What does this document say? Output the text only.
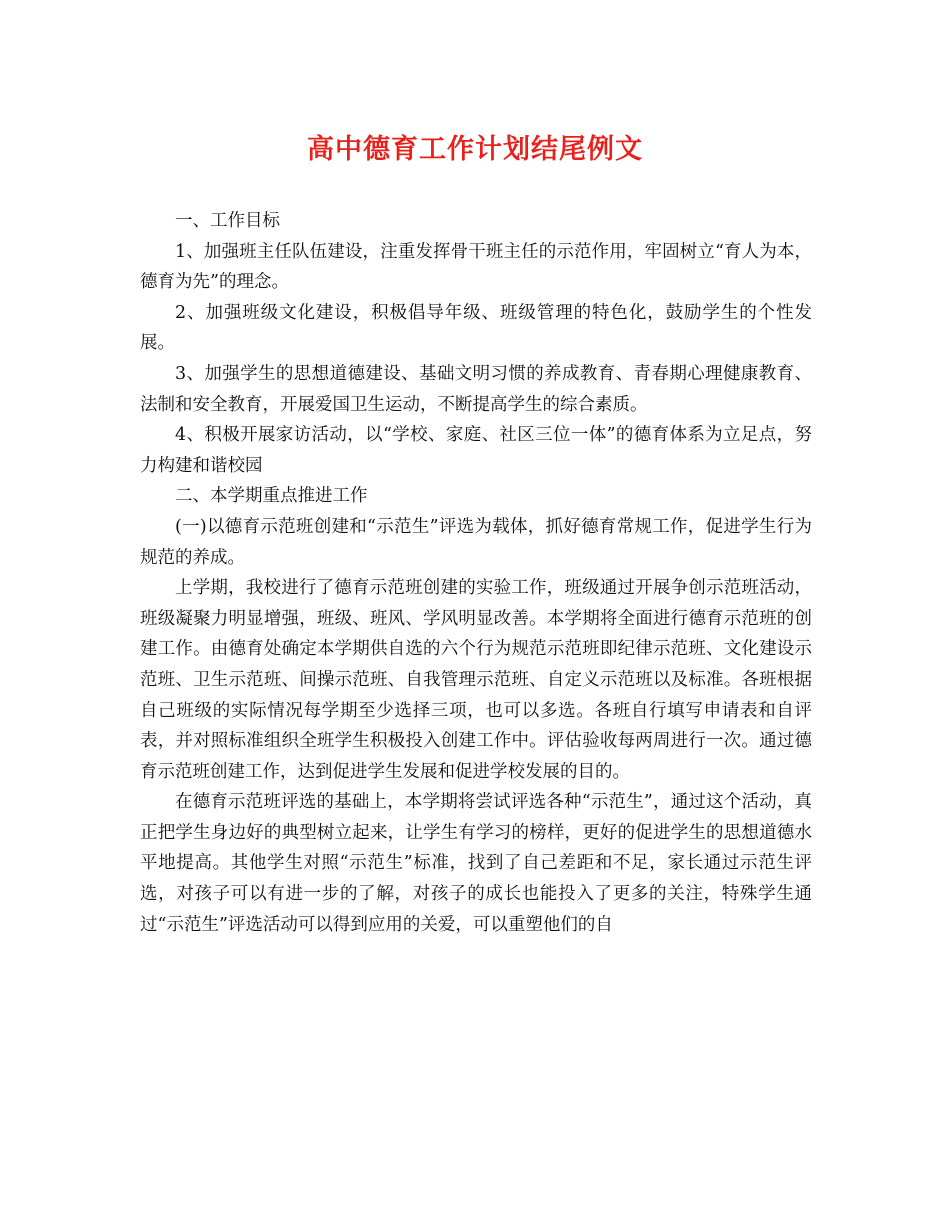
高中德育工作计划结尾例文

一、工作目标

1、加强班主任队伍建设，注重发挥骨干班主任的示范作用，牢固树立“育人为本，德育为先”的理念。

2、加强班级文化建设，积极倡导年级、班级管理的特色化，鼓励学生的个性发展。

3、加强学生的思想道德建设、基础文明习惯的养成教育、青春期心理健康教育、法制和安全教育，开展爱国卫生运动，不断提高学生的综合素质。

4、积极开展家访活动，以“学校、家庭、社区三位一体”的德育体系为立足点，努力构建和谐校园

二、本学期重点推进工作

(一)以德育示范班创建和“示范生”评选为载体，抓好德育常规工作，促进学生行为规范的养成。

上学期，我校进行了德育示范班创建的实验工作，班级通过开展争创示范班活动，班级凝聚力明显增强，班级、班风、学风明显改善。本学期将全面进行德育示范班的创建工作。由德育处确定本学期供自选的六个行为规范示范班即纪律示范班、文化建设示范班、卫生示范班、间操示范班、自我管理示范班、自定义示范班以及标准。各班根据自己班级的实际情况每学期至少选择三项，也可以多选。各班自行填写申请表和自评表，并对照标准组织全班学生积极投入创建工作中。评估验收每两周进行一次。通过德育示范班创建工作，达到促进学生发展和促进学校发展的目的。

在德育示范班评选的基础上，本学期将尝试评选各种“示范生”，通过这个活动，真正把学生身边好的典型树立起来，让学生有学习的榜样，更好的促进学生的思想道德水平地提高。其他学生对照“示范生”标准，找到了自己差距和不足，家长通过示范生评选，对孩子可以有进一步的了解，对孩子的成长也能投入了更多的关注，特殊学生通过“示范生”评选活动可以得到应用的关爱，可以重塑他们的自
